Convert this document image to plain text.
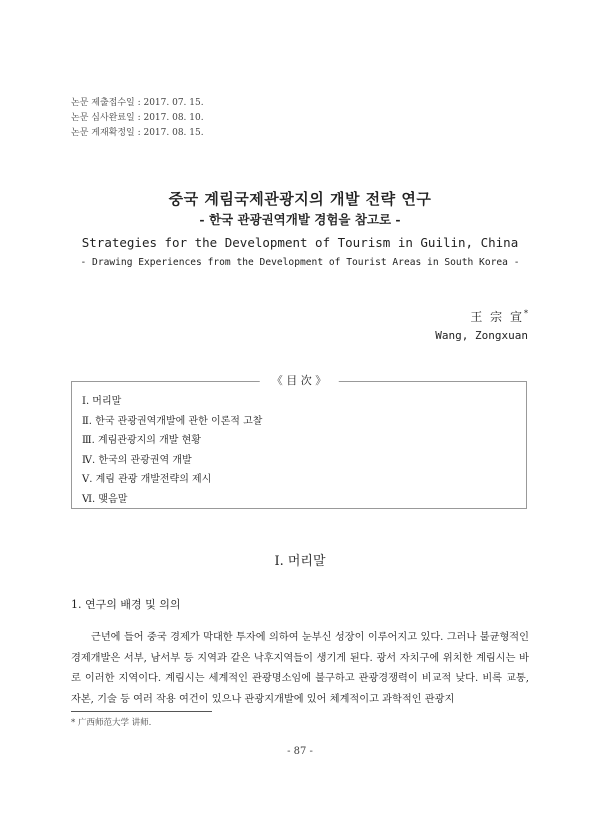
논문 제출접수일 : 2017. 07. 15.
논문 심사완료일 : 2017. 08. 10.
논문 게재확정일 : 2017. 08. 15.
중국 계림국제관광지의 개발 전략 연구
- 한국 관광권역개발 경험을 참고로 -
Strategies for the Development of Tourism in Guilin, China
- Drawing Experiences from the Development of Tourist Areas in South Korea -
王 宗 宣*
Wang, Zongxuan
《 目 次 》
Ⅰ. 머리말
Ⅱ. 한국 관광권역개발에 관한 이론적 고찰
Ⅲ. 계림관광지의 개발 현황
Ⅳ. 한국의 관광권역 개발
Ⅴ. 계림 관광 개발전략의 제시
Ⅵ. 맺음말
Ⅰ. 머리말
1. 연구의 배경 및 의의

근년에 들어 중국 경제가 막대한 투자에 의하여 눈부신 성장이 이루어지고 있다. 그러나 불균형적인 경제개발은 서부, 남서부 등 지역과 같은 낙후지역들이 생기게 된다. 광서 자치구에 위치한 계림시는 바로 이러한 지역이다. 계림시는 세계적인 관광명소임에 불구하고 관광경쟁력이 비교적 낮다. 비록 교통, 자본, 기술 등 여러 작용 여건이 있으나 관광지개발에 있어 체계적이고 과학적인 관광지

* 广西师范大学 讲师.
- 87 -
